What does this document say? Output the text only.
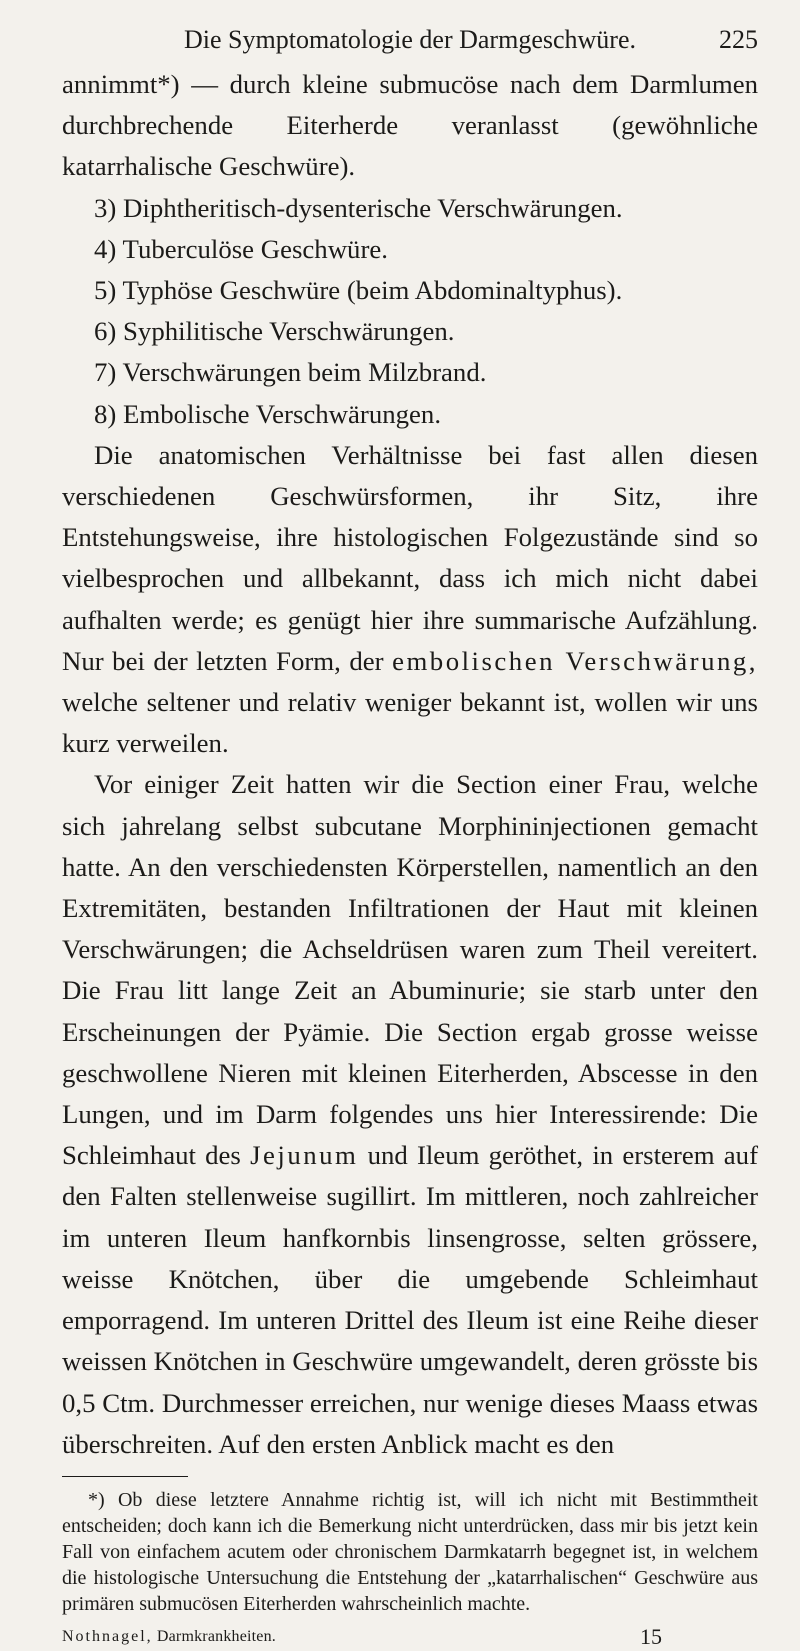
Die Symptomatologie der Darmgeschwüre.	225

annimmt*) — durch kleine submucöse nach dem Darmlumen durchbrechende Eiterherde veranlasst (gewöhnliche katarrhalische Geschwüre).

3) Diphtheritisch-dysenterische Verschwärungen.

4) Tuberculöse Geschwüre.

5) Typhöse Geschwüre (beim Abdominaltyphus).

6) Syphilitische Verschwärungen.

7) Verschwärungen beim Milzbrand.

8) Embolische Verschwärungen.

Die anatomischen Verhältnisse bei fast allen diesen verschiedenen Geschwürsformen, ihr Sitz, ihre Entstehungsweise, ihre histologischen Folgezustände sind so vielbesprochen und allbekannt, dass ich mich nicht dabei aufhalten werde; es genügt hier ihre summarische Aufzählung. Nur bei der letzten Form, der embolischen Verschwärung, welche seltener und relativ weniger bekannt ist, wollen wir uns kurz verweilen.

Vor einiger Zeit hatten wir die Section einer Frau, welche sich jahrelang selbst subcutane Morphininjectionen gemacht hatte. An den verschiedensten Körperstellen, namentlich an den Extremitäten, bestanden Infiltrationen der Haut mit kleinen Verschwärungen; die Achseldrüsen waren zum Theil vereitert. Die Frau litt lange Zeit an Abuminurie; sie starb unter den Erscheinungen der Pyämie. Die Section ergab grosse weisse geschwollene Nieren mit kleinen Eiterherden, Abscesse in den Lungen, und im Darm folgendes uns hier Interessirende: Die Schleimhaut des Jejunum und Ileum geröthet, in ersterem auf den Falten stellenweise sugillirt. Im mittleren, noch zahlreicher im unteren Ileum hanfkornbis linsengrosse, selten grössere, weisse Knötchen, über die umgebende Schleimhaut emporragend. Im unteren Drittel des Ileum ist eine Reihe dieser weissen Knötchen in Geschwüre umgewandelt, deren grösste bis 0,5 Ctm. Durchmesser erreichen, nur wenige dieses Maass etwas überschreiten. Auf den ersten Anblick macht es den

*) Ob diese letztere Annahme richtig ist, will ich nicht mit Bestimmtheit entscheiden; doch kann ich die Bemerkung nicht unterdrücken, dass mir bis jetzt kein Fall von einfachem acutem oder chronischem Darmkatarrh begegnet ist, in welchem die histologische Untersuchung die Entstehung der „katarrhalischen“ Geschwüre aus primären submucösen Eiterherden wahrscheinlich machte.

Nothnagel, Darmkrankheiten.	15
